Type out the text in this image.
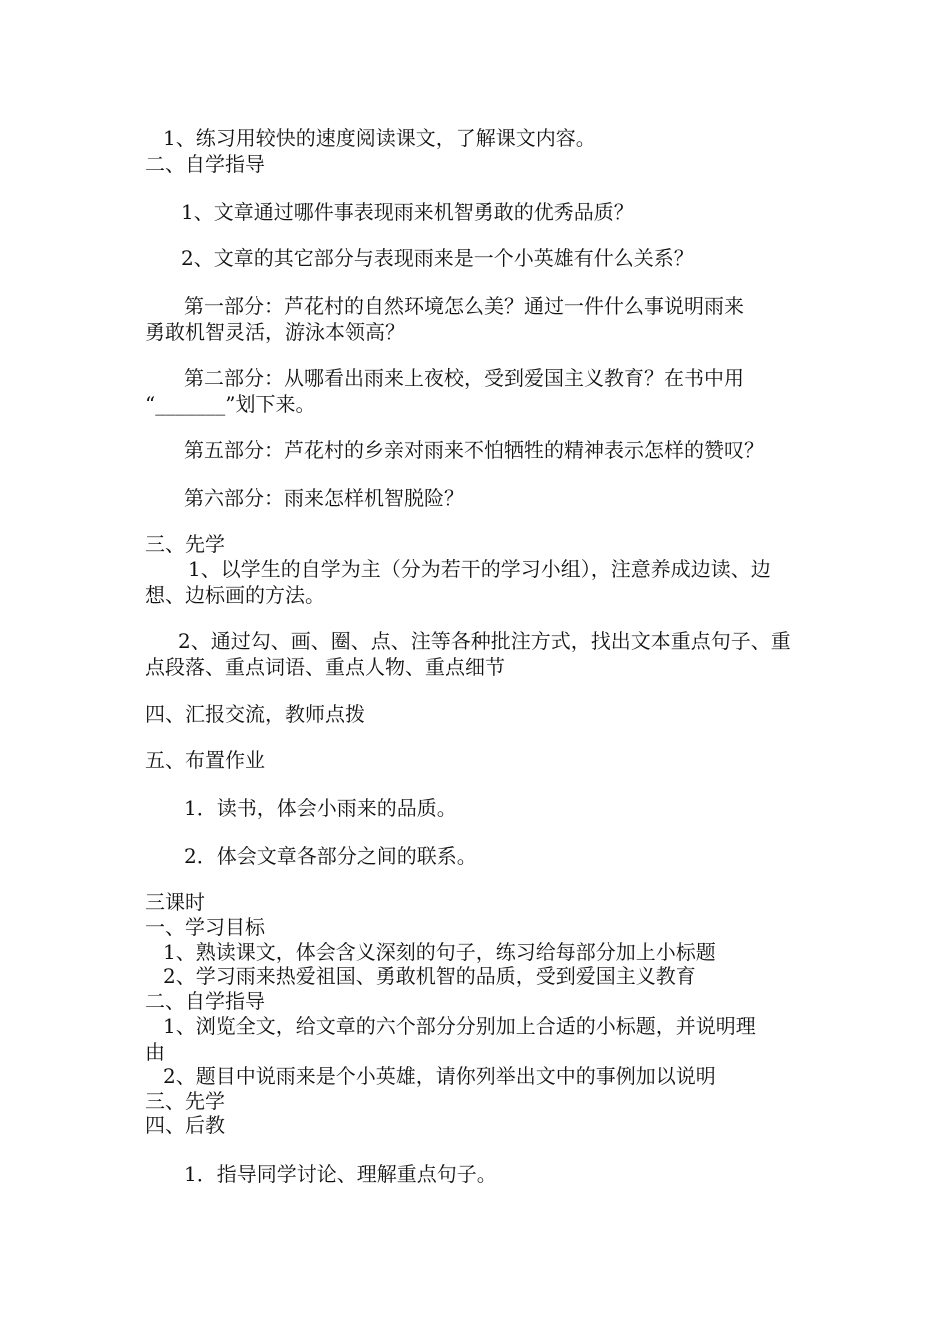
1、练习用较快的速度阅读课文，了解课文内容。
二、自学指导
1、文章通过哪件事表现雨来机智勇敢的优秀品质？
2、文章的其它部分与表现雨来是一个小英雄有什么关系？
第一部分：芦花村的自然环境怎么美？通过一件什么事说明雨来
勇敢机智灵活，游泳本领高？
第二部分：从哪看出雨来上夜校，受到爱国主义教育？在书中用
“_______”划下来。
第五部分：芦花村的乡亲对雨来不怕牺牲的精神表示怎样的赞叹？
第六部分：雨来怎样机智脱险？
三、先学
1、以学生的自学为主（分为若干的学习小组），注意养成边读、边
想、边标画的方法。
2、通过勾、画、圈、点、注等各种批注方式，找出文本重点句子、重
点段落、重点词语、重点人物、重点细节
四、汇报交流，教师点拨
五、布置作业
1．读书，体会小雨来的品质。
2．体会文章各部分之间的联系。
三课时
一、学习目标
1、熟读课文，体会含义深刻的句子，练习给每部分加上小标题
2、学习雨来热爱祖国、勇敢机智的品质，受到爱国主义教育
二、自学指导
1、浏览全文，给文章的六个部分分别加上合适的小标题，并说明理
由
2、题目中说雨来是个小英雄，请你列举出文中的事例加以说明
三、先学
四、后教
1．指导同学讨论、理解重点句子。
